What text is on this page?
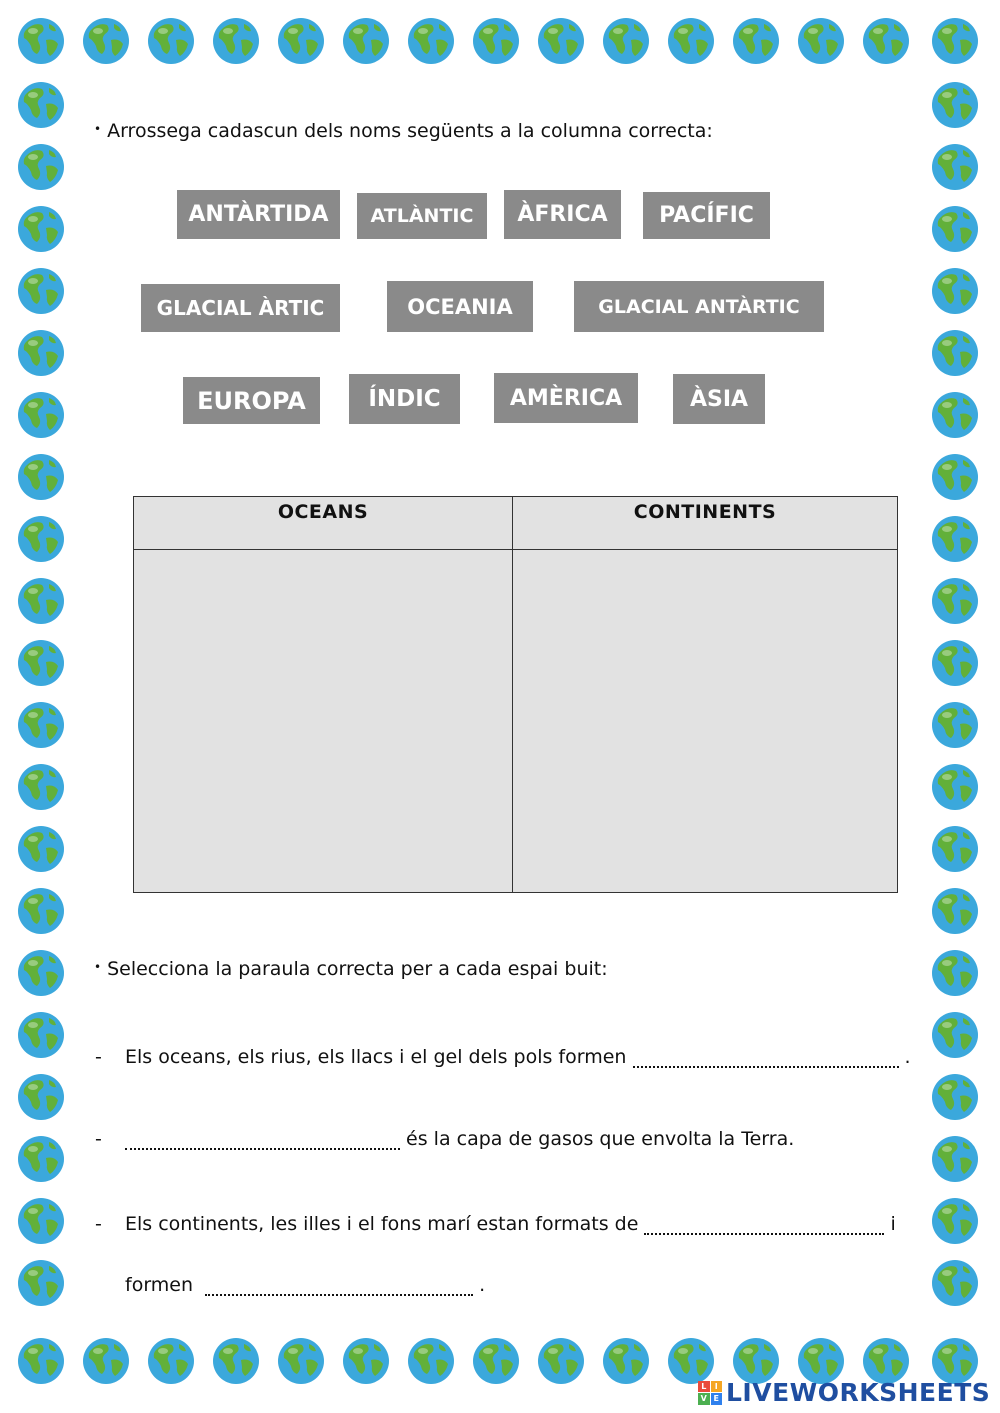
• Arrossega cadascun dels noms següents a la columna correcta:
ANTÀRTIDA	ATLÀNTIC	ÀFRICA	PACÍFIC
GLACIAL ÀRTIC	OCEANIA	GLACIAL ANTÀRTIC
EUROPA	ÍNDIC	AMÈRICA	ÀSIA
OCEANS	CONTINENTS
• Selecciona la paraula correcta per a cada espai buit:
- Els oceans, els rius, els llacs i el gel dels pols formen	.
-	és la capa de gasos que envolta la Terra.
- Els continents, les illes i el fons marí estan formats de	i
formen	.
L	I
V E LIVEWORKSHEETS
